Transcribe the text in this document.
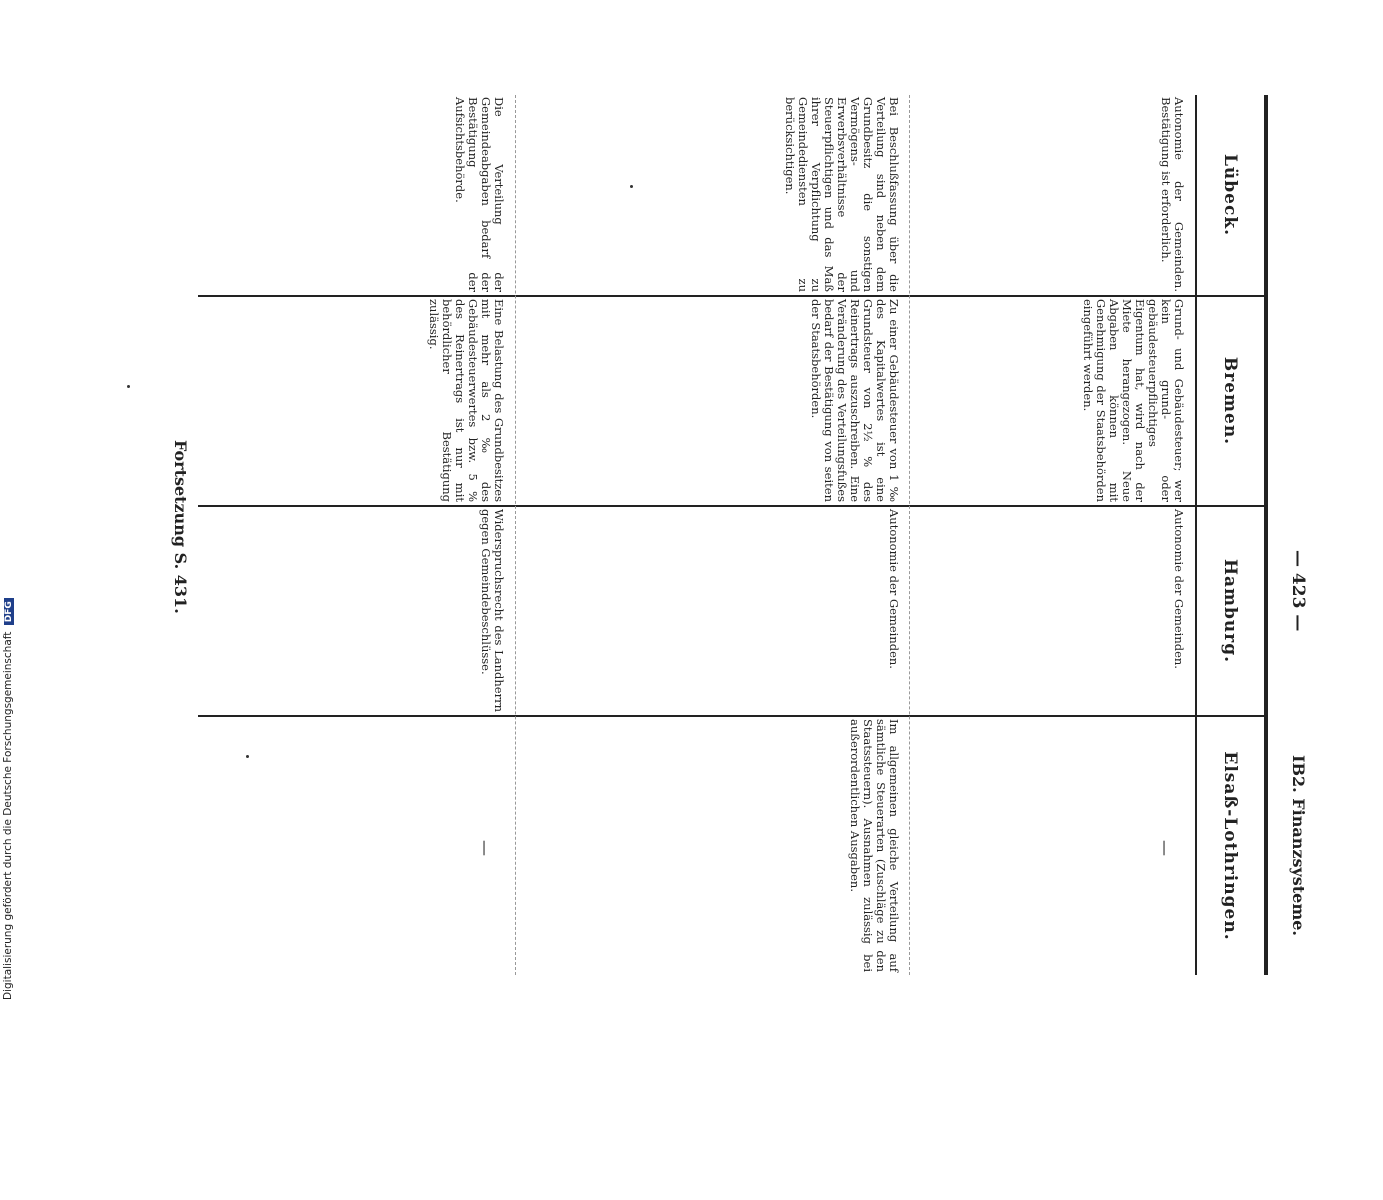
— 423 —
IB2. Finanzsysteme.
Lübeck.
Bremen.
Hamburg.
Elsaß-Lothringen.
Autonomie der Gemeinden. Bestätigung ist erforderlich.
Grund- und Gebäudesteuer; wer kein grund- oder gebäudesteuerpflichtiges Eigentum hat, wird nach der Miete herangezogen. Neue Abgaben können mit Genehmigung der Staatsbehörden eingeführt werden.
Autonomie der Gemeinden.
—
Bei Beschlußfassung über die Verteilung sind neben dem Grundbesitz die sonstigen Vermögens- und Erwerbsverhältnisse der Steuerpflichtigen und das Maß ihrer Verpflichtung zu Gemeindediensten zu berücksichtigen.
Zu einer Gebäudesteuer von 1 ‰ des Kapitalwertes ist eine Grundsteuer von 2½ % des Reinertrags auszuschreiben. Eine Veränderung des Verteilungsfußes bedarf der Bestätigung von seiten der Staatsbehörden.
Autonomie der Gemeinden.
Im allgemeinen gleiche Verteilung auf sämtliche Steuerarten (Zuschläge zu den Staatssteuern). Ausnahmen zulässig bei außerordentlichen Ausgaben.
Die Verteilung der Gemeindeabgaben bedarf der Bestätigung der Aufsichtsbehörde.
Eine Belastung des Grundbesitzes mit mehr als 2 ‰ des Gebäudesteuerwertes bzw. 5 % des Reinertrags ist nur mit behördlicher Bestätigung zulässig.
Widerspruchsrecht des Landherrn gegen Gemeindebeschlüsse.
—
Fortsetzung S. 431.
Digitalisierung gefördert durch die Deutsche Forschungsgemeinschaft DFG
